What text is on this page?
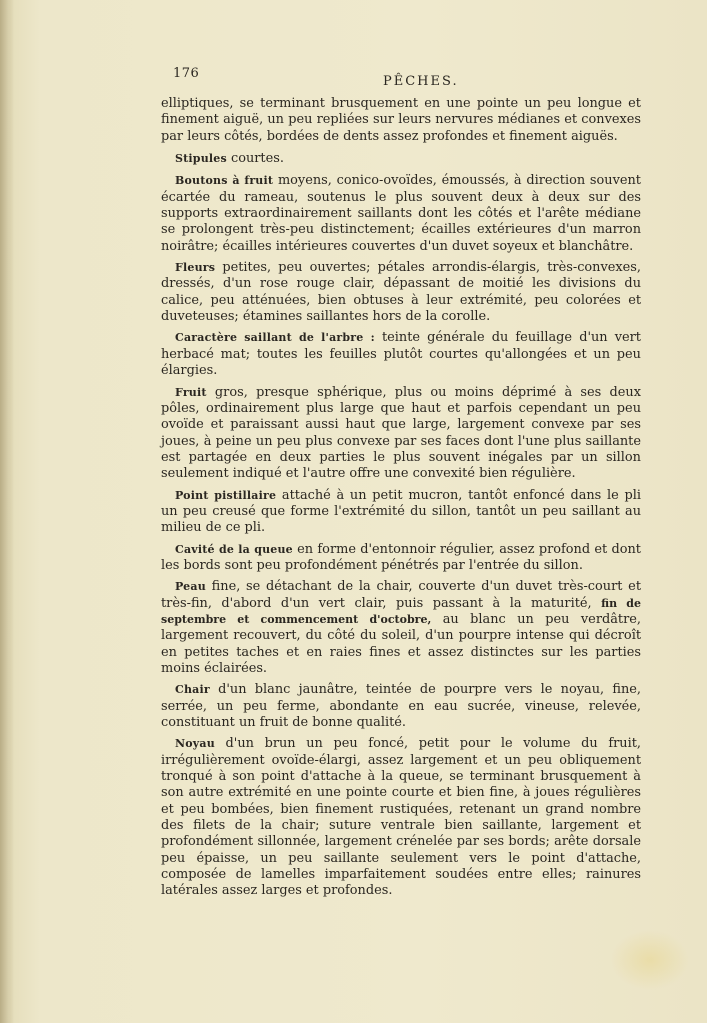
176
PÊCHES.

elliptiques, se terminant brusquement en une pointe un peu longue et finement aiguë, un peu repliées sur leurs nervures médianes et convexes par leurs côtés, bordées de dents assez profondes et finement aiguës.

Stipules courtes.

Boutons à fruit moyens, conico-ovoïdes, émoussés, à direction souvent écartée du rameau, soutenus le plus souvent deux à deux sur des supports extraordinairement saillants dont les côtés et l'arête médiane se prolongent très-peu distinctement; écailles extérieures d'un marron noirâtre; écailles intérieures couvertes d'un duvet soyeux et blanchâtre.

Fleurs petites, peu ouvertes; pétales arrondis-élargis, très-convexes, dressés, d'un rose rouge clair, dépassant de moitié les divisions du calice, peu atténuées, bien obtuses à leur extrémité, peu colorées et duveteuses; étamines saillantes hors de la corolle.

Caractère saillant de l'arbre : teinte générale du feuillage d'un vert herbacé mat; toutes les feuilles plutôt courtes qu'allongées et un peu élargies.

Fruit gros, presque sphérique, plus ou moins déprimé à ses deux pôles, ordinairement plus large que haut et parfois cependant un peu ovoïde et paraissant aussi haut que large, largement convexe par ses joues, à peine un peu plus convexe par ses faces dont l'une plus saillante est partagée en deux parties le plus souvent inégales par un sillon seulement indiqué et l'autre offre une convexité bien régulière.

Point pistillaire attaché à un petit mucron, tantôt enfoncé dans le pli un peu creusé que forme l'extrémité du sillon, tantôt un peu saillant au milieu de ce pli.

Cavité de la queue en forme d'entonnoir régulier, assez profond et dont les bords sont peu profondément pénétrés par l'entrée du sillon.

Peau fine, se détachant de la chair, couverte d'un duvet très-court et très-fin, d'abord d'un vert clair, puis passant à la maturité, fin de septembre et commencement d'octobre, au blanc un peu verdâtre, largement recouvert, du côté du soleil, d'un pourpre intense qui décroît en petites taches et en raies fines et assez distinctes sur les parties moins éclairées.

Chair d'un blanc jaunâtre, teintée de pourpre vers le noyau, fine, serrée, un peu ferme, abondante en eau sucrée, vineuse, relevée, constituant un fruit de bonne qualité.

Noyau d'un brun un peu foncé, petit pour le volume du fruit, irrégulièrement ovoïde-élargi, assez largement et un peu obliquement tronqué à son point d'attache à la queue, se terminant brusquement à son autre extrémité en une pointe courte et bien fine, à joues régulières et peu bombées, bien finement rustiquées, retenant un grand nombre des filets de la chair; suture ventrale bien saillante, largement et profondément sillonnée, largement crénelée par ses bords; arête dorsale peu épaisse, un peu saillante seulement vers le point d'attache, composée de lamelles imparfaitement soudées entre elles; rainures latérales assez larges et profondes.
